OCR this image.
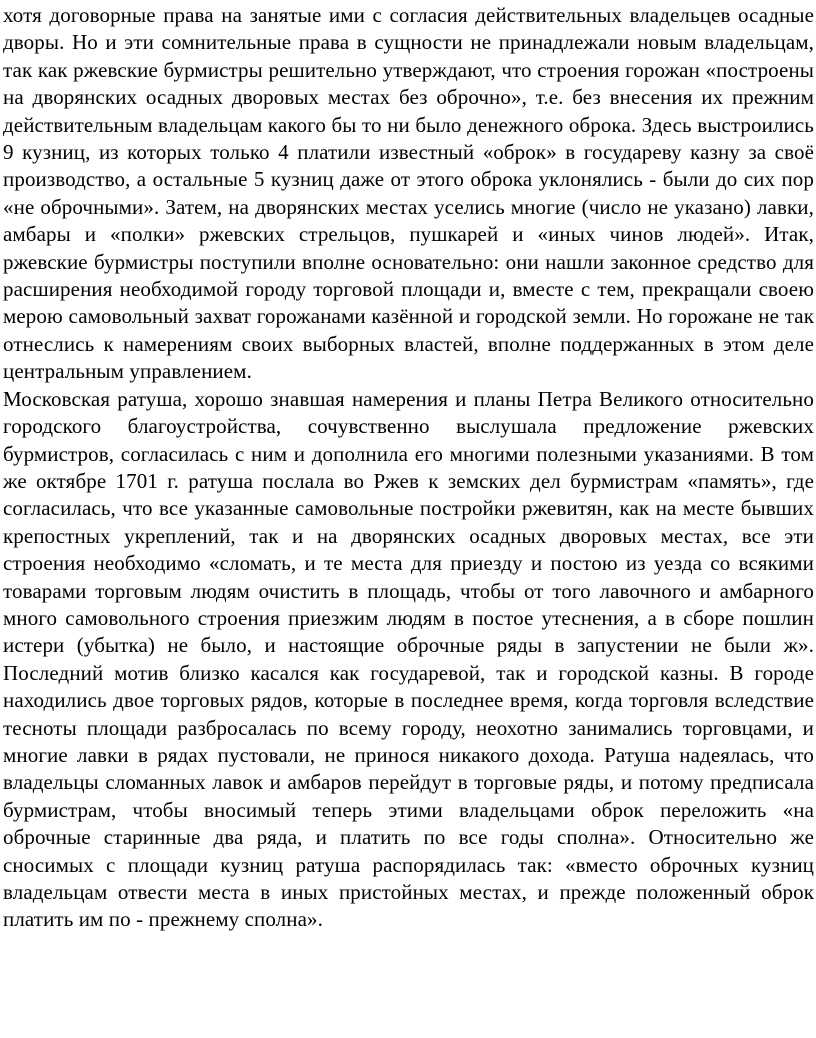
хотя договорные права на занятые ими с согласия действительных владельцев осадные дворы. Но и эти сомнительные права в сущности не принадлежали новым владельцам, так как ржевские бурмистры решительно утверждают, что строения горожан «построены на дворянских осадных дворовых местах без оброчно», т.е. без внесения их прежним действительным владельцам какого бы то ни было денежного оброка. Здесь выстроились 9 кузниц, из которых только 4 платили известный «оброк» в государеву казну за своё производство, а остальные 5 кузниц даже от этого оброка уклонялись - были до сих пор «не оброчными». Затем, на дворянских местах уселись многие (число не указано) лавки, амбары и «полки» ржевских стрельцов, пушкарей и «иных чинов людей». Итак, ржевские бурмистры поступили вполне основательно: они нашли законное средство для расширения необходимой городу торговой площади и, вместе с тем, прекращали своею мерою самовольный захват горожанами казённой и городской земли. Но горожане не так отнеслись к намерениям своих выборных властей, вполне поддержанных в этом деле центральным управлением.

Московская ратуша, хорошо знавшая намерения и планы Петра Великого относительно городского благоустройства, сочувственно выслушала предложение ржевских бурмистров, согласилась с ним и дополнила его многими полезными указаниями. В том же октябре 1701 г. ратуша послала во Ржев к земских дел бурмистрам «память», где согласилась, что все указанные самовольные постройки ржевитян, как на месте бывших крепостных укреплений, так и на дворянских осадных дворовых местах, все эти строения необходимо «сломать, и те места для приезду и постою из уезда со всякими товарами торговым людям очистить в площадь, чтобы от того лавочного и амбарного много самовольного строения приезжим людям в постое утеснения, а в сборе пошлин истери (убытка) не было, и настоящие оброчные ряды в запустении не были ж». Последний мотив близко касался как государевой, так и городской казны. В городе находились двое торговых рядов, которые в последнее время, когда торговля вследствие тесноты площади разбросалась по всему городу, неохотно занимались торговцами, и многие лавки в рядах пустовали, не принося никакого дохода. Ратуша надеялась, что владельцы сломанных лавок и амбаров перейдут в торговые ряды, и потому предписала бурмистрам, чтобы вносимый теперь этими владельцами оброк переложить «на оброчные старинные два ряда, и платить по все годы сполна». Относительно же сносимых с площади кузниц ратуша распорядилась так: «вместо оброчных кузниц владельцам отвести места в иных пристойных местах, и прежде положенный оброк платить им по - прежнему сполна».
